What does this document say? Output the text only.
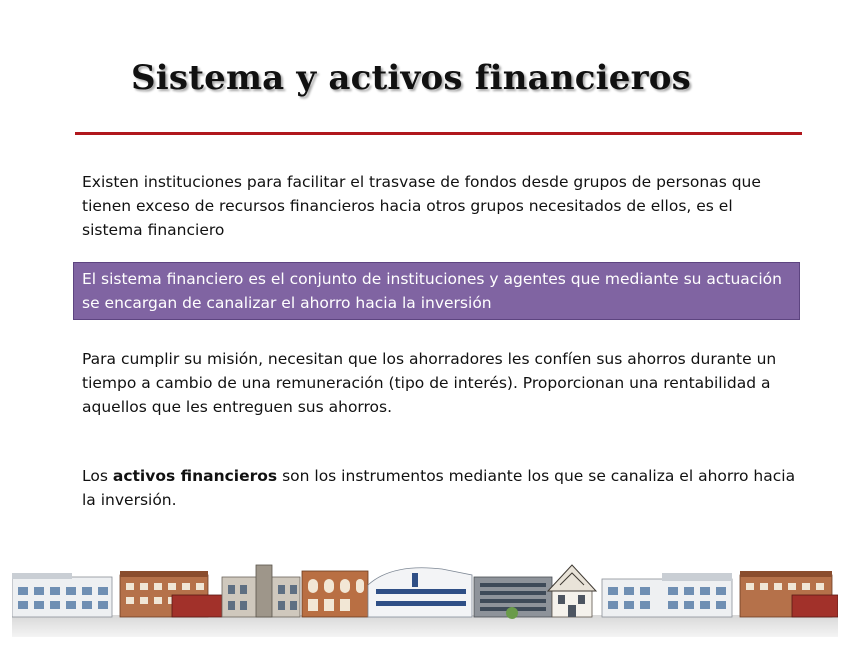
Sistema y activos financieros

Existen instituciones para facilitar el trasvase de fondos desde grupos de personas que tienen exceso de recursos financieros hacia otros grupos necesitados de ellos, es el sistema financiero

El sistema financiero es el conjunto de instituciones y agentes que mediante su actuación se encargan de canalizar el ahorro hacia la inversión

Para cumplir su misión, necesitan que los ahorradores les confíen sus ahorros durante un tiempo a cambio de una remuneración (tipo de interés). Proporcionan una rentabilidad a aquellos que les entreguen sus ahorros.

Los activos financieros son los instrumentos mediante los que se canaliza el ahorro hacia la inversión.
